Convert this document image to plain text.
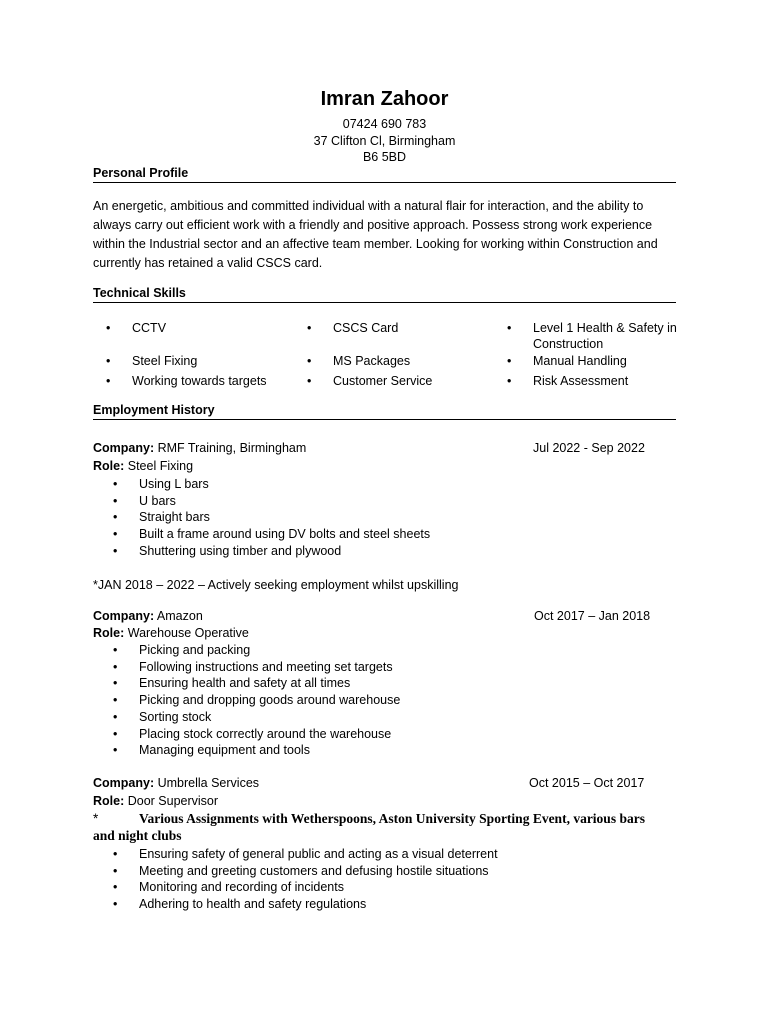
Imran Zahoor
07424 690 783
37 Clifton Cl, Birmingham
B6 5BD
Personal Profile
An energetic, ambitious and committed individual with a natural flair for interaction, and the ability to always carry out efficient work with a friendly and positive approach. Possess strong work experience within the Industrial sector and an affective team member. Looking for working within Construction and currently has retained a valid CSCS card.
Technical Skills
• CCTV	• CSCS Card	• Level 1 Health & Safety in Construction
• Steel Fixing	• MS Packages	• Manual Handling
• Working towards targets	• Customer Service	• Risk Assessment
Employment History
Company: RMF Training, Birmingham	Jul 2022 - Sep 2022
Role: Steel Fixing
• Using L bars
• U bars
• Straight bars
• Built a frame around using DV bolts and steel sheets
• Shuttering using timber and plywood
*JAN 2018 – 2022 – Actively seeking employment whilst upskilling
Company: Amazon	Oct 2017 – Jan 2018
Role: Warehouse Operative
• Picking and packing
• Following instructions and meeting set targets
• Ensuring health and safety at all times
• Picking and dropping goods around warehouse
• Sorting stock
• Placing stock correctly around the warehouse
• Managing equipment and tools
Company: Umbrella Services	Oct 2015 – Oct 2017
Role: Door Supervisor
*	Various Assignments with Wetherspoons, Aston University Sporting Event, various bars and night clubs
• Ensuring safety of general public and acting as a visual deterrent
• Meeting and greeting customers and defusing hostile situations
• Monitoring and recording of incidents
• Adhering to health and safety regulations
